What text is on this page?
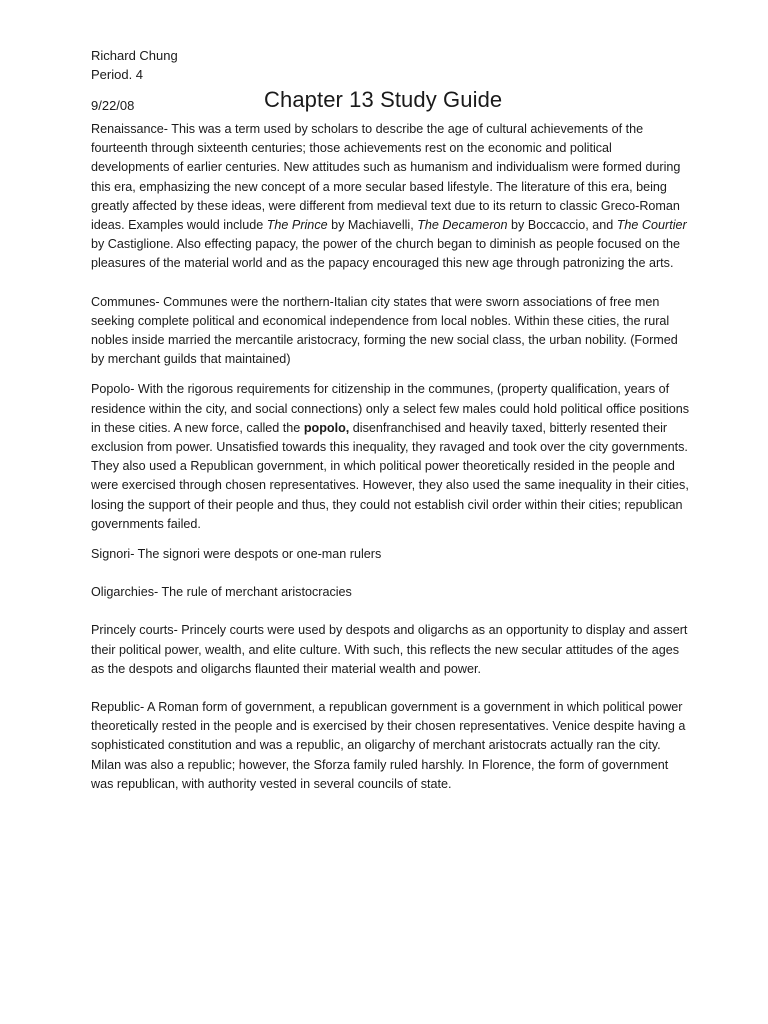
Richard Chung
Period. 4
9/22/08	Chapter 13 Study Guide

Renaissance- This was a term used by scholars to describe the age of cultural achievements of the fourteenth through sixteenth centuries; those achievements rest on the economic and political developments of earlier centuries. New attitudes such as humanism and individualism were formed during this era, emphasizing the new concept of a more secular based lifestyle. The literature of this era, being greatly affected by these ideas, were different from medieval text due to its return to classic Greco-Roman ideas. Examples would include The Prince by Machiavelli, The Decameron by Boccaccio, and The Courtier by Castiglione. Also effecting papacy, the power of the church began to diminish as people focused on the pleasures of the material world and as the papacy encouraged this new age through patronizing the arts.

Communes- Communes were the northern-Italian city states that were sworn associations of free men seeking complete political and economical independence from local nobles. Within these cities, the rural nobles inside married the mercantile aristocracy, forming the new social class, the urban nobility. (Formed by merchant guilds that maintained)

Popolo- With the rigorous requirements for citizenship in the communes, (property qualification, years of residence within the city, and social connections) only a select few males could hold political office positions in these cities. A new force, called the popolo, disenfranchised and heavily taxed, bitterly resented their exclusion from power. Unsatisfied towards this inequality, they ravaged and took over the city governments. They also used a Republican government, in which political power theoretically resided in the people and were exercised through chosen representatives. However, they also used the same inequality in their cities, losing the support of their people and thus, they could not establish civil order within their cities; republican governments failed.

Signori- The signori were despots or one-man rulers

Oligarchies- The rule of merchant aristocracies

Princely courts- Princely courts were used by despots and oligarchs as an opportunity to display and assert their political power, wealth, and elite culture. With such, this reflects the new secular attitudes of the ages as the despots and oligarchs flaunted their material wealth and power.

Republic- A Roman form of government, a republican government is a government in which political power theoretically rested in the people and is exercised by their chosen representatives. Venice despite having a sophisticated constitution and was a republic, an oligarchy of merchant aristocrats actually ran the city. Milan was also a republic; however, the Sforza family ruled harshly. In Florence, the form of government was republican, with authority vested in several councils of state.
